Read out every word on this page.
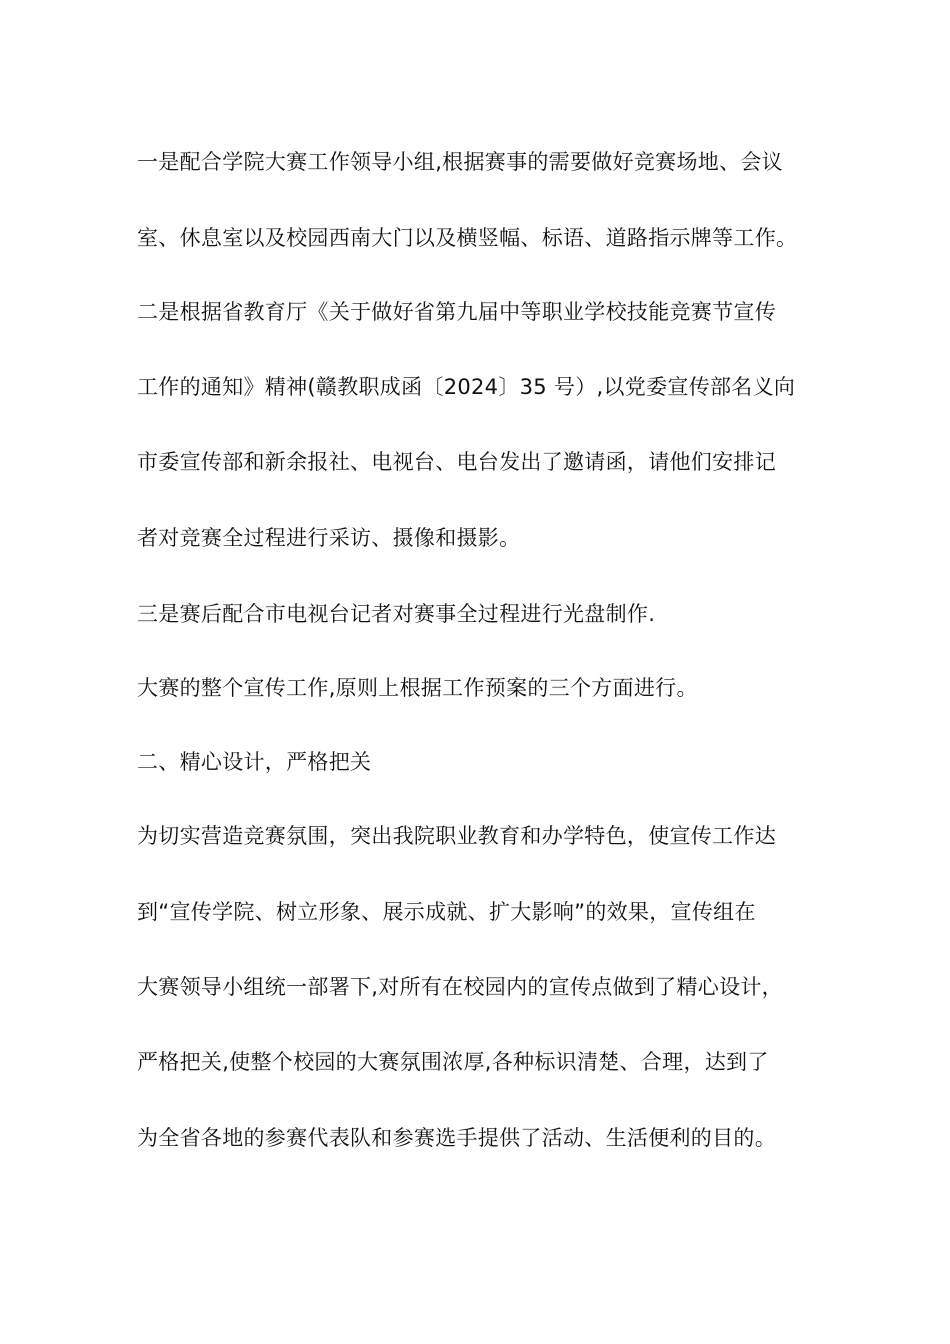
一是配合学院大赛工作领导小组,根据赛事的需要做好竞赛场地、会议
室、休息室以及校园西南大门以及横竖幅、标语、道路指示牌等工作。
二是根据省教育厅《关于做好省第九届中等职业学校技能竞赛节宣传
工作的通知》精神(赣教职成函〔2024〕35 号）,以党委宣传部名义向
市委宣传部和新余报社、电视台、电台发出了邀请函，请他们安排记
者对竞赛全过程进行采访、摄像和摄影。
三是赛后配合市电视台记者对赛事全过程进行光盘制作.
大赛的整个宣传工作,原则上根据工作预案的三个方面进行。
二、精心设计，严格把关
为切实营造竞赛氛围，突出我院职业教育和办学特色，使宣传工作达
到“宣传学院、树立形象、展示成就、扩大影响”的效果，宣传组在
大赛领导小组统一部署下,对所有在校园内的宣传点做到了精心设计，
严格把关,使整个校园的大赛氛围浓厚,各种标识清楚、合理，达到了
为全省各地的参赛代表队和参赛选手提供了活动、生活便利的目的。
